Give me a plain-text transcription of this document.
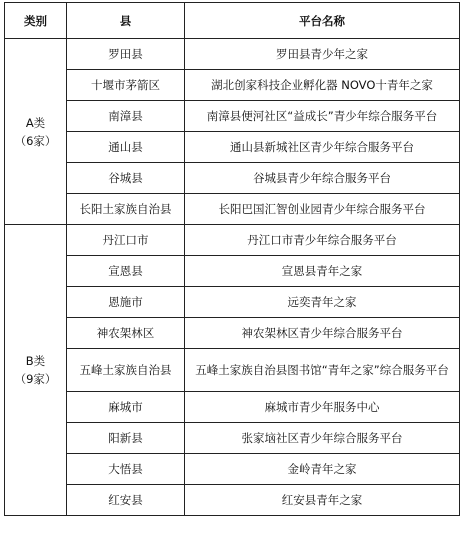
类别	县	平台名称

A类
（6家）	罗田县	罗田县青少年之家
	十堰市茅箭区	湖北创家科技企业孵化器 NOVO十青年之家
	南漳县	南漳县便河社区“益成长”青少年综合服务平台
	通山县	通山县新城社区青少年综合服务平台
	谷城县	谷城县青少年综合服务平台
	长阳土家族自治县	长阳巴国汇智创业园青少年综合服务平台

B类
（9家）	丹江口市	丹江口市青少年综合服务平台
	宣恩县	宣恩县青年之家
	恩施市	远奕青年之家
	神农架林区	神农架林区青少年综合服务平台
	五峰土家族自治县	五峰土家族自治县图书馆“青年之家”综合服务平台
	麻城市	麻城市青少年服务中心
	阳新县	张家垴社区青少年综合服务平台
	大悟县	金岭青年之家
	红安县	红安县青年之家
